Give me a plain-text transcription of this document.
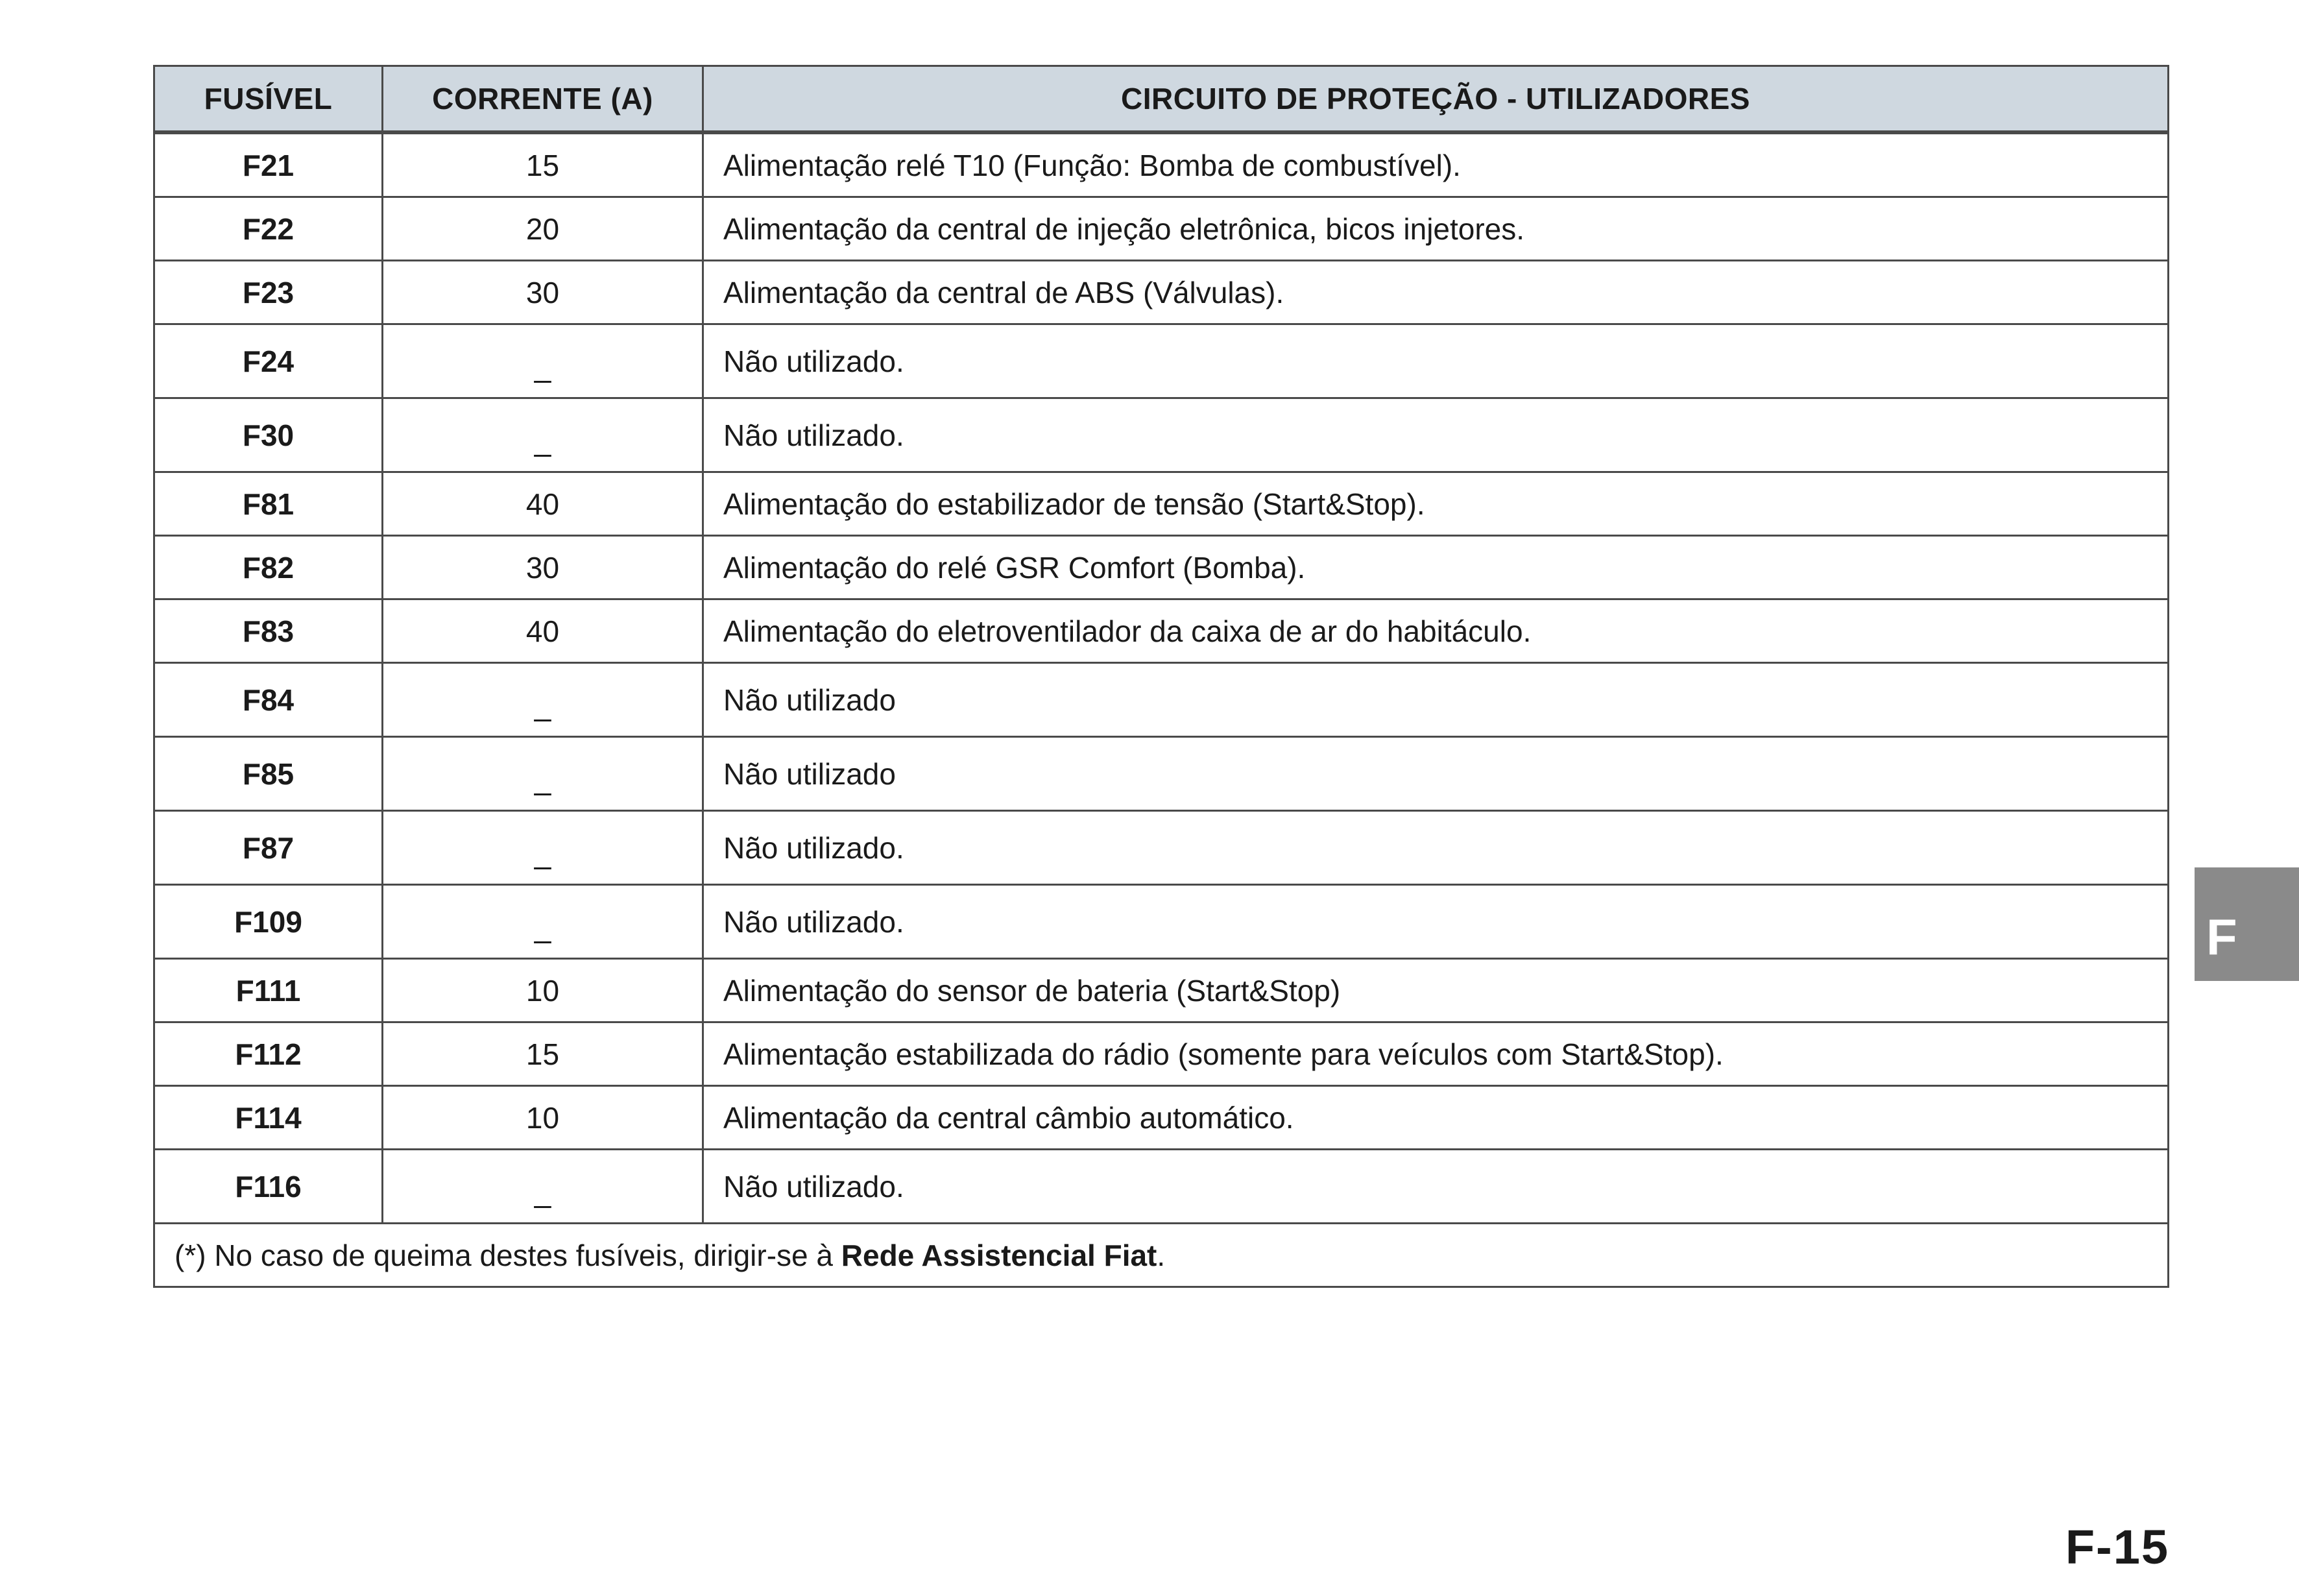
FUSÍVEL	CORRENTE (A)	CIRCUITO DE PROTEÇÃO - UTILIZADORES
F21	15	Alimentação relé T10 (Função: Bomba de combustível).
F22	20	Alimentação da central de injeção eletrônica, bicos injetores.
F23	30	Alimentação da central de ABS (Válvulas).
F24	_	Não utilizado.
F30	_	Não utilizado.
F81	40	Alimentação do estabilizador de tensão (Start&Stop).
F82	30	Alimentação do relé GSR Comfort (Bomba).
F83	40	Alimentação do eletroventilador da caixa de ar do habitáculo.
F84	_	Não utilizado
F85	_	Não utilizado
F87	_	Não utilizado.
F109	_	Não utilizado.
F111	10	Alimentação do sensor de bateria (Start&Stop)
F112	15	Alimentação estabilizada do rádio (somente para veículos com Start&Stop).
F114	10	Alimentação da central câmbio automático.
F116	_	Não utilizado.
(*) No caso de queima destes fusíveis, dirigir-se à Rede Assistencial Fiat.		
F
F-15
